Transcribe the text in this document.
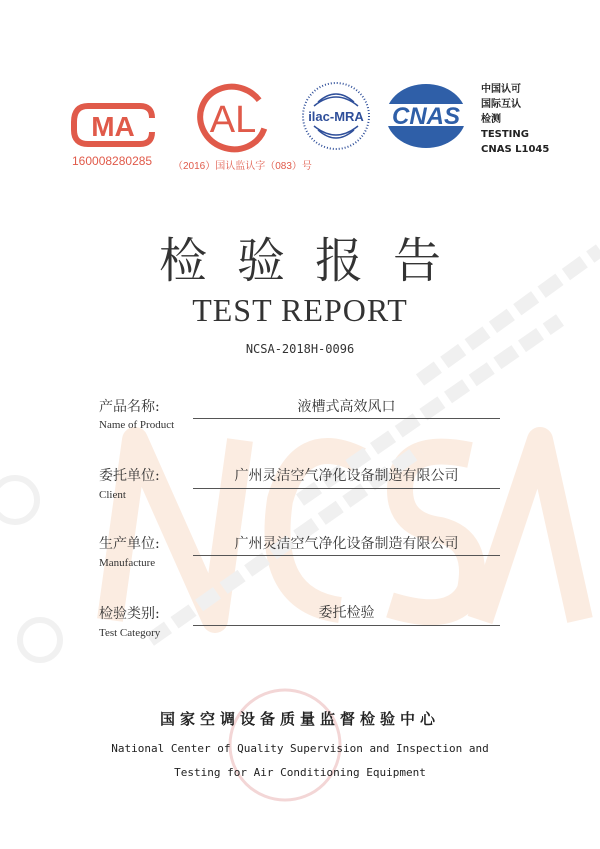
MA
160008280285
AL
（2016）国认监认字（083）号
ilac-MRA CNAS
中国认可
国际互认
检测
TESTING
CNAS L1045
检验报告
TEST REPORT
NCSA-2018H-0096
产品名称:
Name of Product
液槽式高效风口
委托单位:
Client
广州灵洁空气净化设备制造有限公司
生产单位:
Manufacture
广州灵洁空气净化设备制造有限公司
检验类别:
Test Category
委托检验
国家空调设备质量监督检验中心
National Center of Quality Supervision and Inspection and
Testing for Air Conditioning Equipment
